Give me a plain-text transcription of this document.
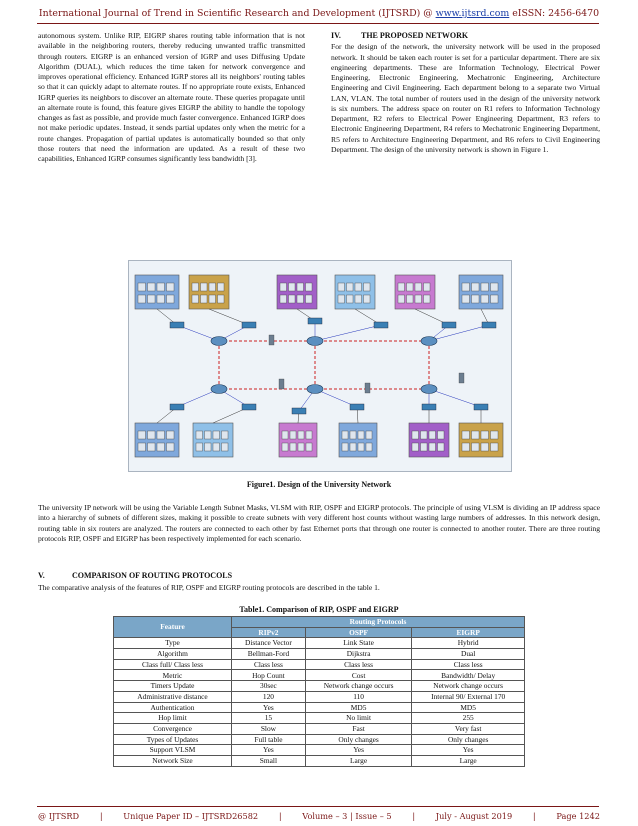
International Journal of Trend in Scientific Research and Development (IJTSRD) @ www.ijtsrd.com eISSN: 2456-6470

autonomous system. Unlike RIP, EIGRP shares routing table information that is not available in the neighboring routers, thereby reducing unwanted traffic transmitted through routers. EIGRP is an enhanced version of IGRP and uses Diffusing Update Algorithm (DUAL), which reduces the time taken for network convergence and improves operational efficiency. Enhanced IGRP stores all its neighbors' routing tables so that it can quickly adapt to alternate routes. If no appropriate route exists, Enhanced IGRP queries its neighbors to discover an alternate route. These queries propagate until an alternate route is found, this feature gives EIGRP the ability to handle the topology changes as fast as possible, and provide much faster convergence. Enhanced IGRP does not make periodic updates. Instead, it sends partial updates only when the metric for a route changes. Propagation of partial updates is automatically bounded so that only those routers that need the information are updated. As a result of these two capabilities, Enhanced IGRP consumes significantly less bandwidth [3].

IV.	THE PROPOSED NETWORK

For the design of the network, the university network will be used in the proposed network. It should be taken each router is set for a particular department. There are six engineering departments. These are Information Technology, Electrical Power Engineering, Electronic Engineering, Mechatronic Engineering, Architecture Engineering and Civil Engineering. Each department belong to a separate two Virtual LAN, VLAN. The total number of routers used in the design of the university network is six numbers. The address space on router on R1 refers to Information Technology Department, R2 refers to Electrical Power Engineering Department, R3 refers to Electronic Engineering Department, R4 refers to Mechatronic Engineering Department, R5 refers to Architecture Engineering Department, and R6 refers to Civil Engineering Department. The design of the university network is shown in Figure 1.

Figure1. Design of the University Network

The university IP network will be using the Variable Length Subnet Masks, VLSM with RIP, OSPF and EIGRP protocols. The principle of using VLSM is dividing an IP address space into a hierarchy of subnets of different sizes, making it possible to create subnets with very different host counts without wasting large numbers of addresses. In this network design, routing table in six routers are analyzed. The routers are connected to each other by fast Ethernet ports that through one router is connected to another router. There are three routing protocols RIP, OSPF and EIGRP has been respectively implemented for each scenario.

V.	COMPARISON OF ROUTING PROTOCOLS

The comparative analysis of the features of RIP, OSPF and EIGRP routing protocols are described in the table 1.

Table1. Comparison of RIP, OSPF and EIGRP
Feature	Routing Protocols		
	RIPv2	OSPF	EIGRP
Type	Distance Vector	Link State	Hybrid
Algorithm	Bellman-Ford	Dijkstra	Dual
Class full/ Class less	Class less	Class less	Class less
Metric	Hop Count	Cost	Bandwidth/ Delay
Timers Update	30sec	Network change occurs	Network change occurs
Administrative distance	120	110	Internal 90/ External 170
Authentication	Yes	MD5	MD5
Hop limit	15	No limit	255
Convergence	Slow	Fast	Very fast
Types of Updates	Full table	Only changes	Only changes
Support VLSM	Yes	Yes	Yes
Network Size	Small	Large	Large
@ IJTSRD	|	Unique Paper ID – IJTSRD26582	|	Volume – 3 | Issue – 5	|	July - August 2019	|	Page 1242
